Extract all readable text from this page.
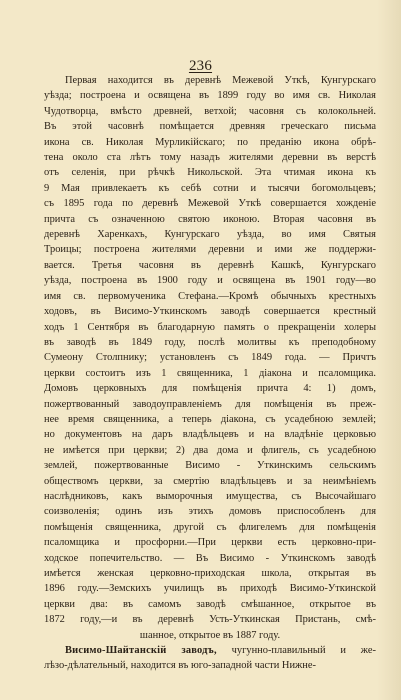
236
Первая находится въ деревнѣ Межевой Уткѣ, Кунгурскаго
уѣзда; построена и освящена въ 1899 году во имя св. Николая
Чудотворца, вмѣсто древней, ветхой; часовня съ колокольней.
Въ этой часовнѣ помѣщается древняя греческаго письма
икона св. Николая Мурликійскаго; по преданію икона обрѣ-
тена около ста лѣтъ тому назадъ жителями деревни въ верстѣ
отъ селенія, при рѣчкѣ Никольской. Эта чтимая икона къ
9 Мая привлекаетъ къ себѣ сотни и тысячи богомольцевъ;
съ 1895 года по деревнѣ Межевой Уткѣ совершается хожденіе
причта съ означенною святою иконою. Вторая часовня въ
деревнѣ Харенкахъ, Кунгурскаго уѣзда, во имя Святыя
Троицы; построена жителями деревни и ими же поддержи-
вается. Третья часовня въ деревнѣ Кашкѣ, Кунгурскаго
уѣзда, построена въ 1900 году и освящена въ 1901 году—во
имя св. первомученика Стефана.—Кромѣ обычныхъ крестныхъ
ходовъ, въ Висимо-Уткинскомъ заводѣ совершается крестный
ходъ 1 Сентября въ благодарную память о прекращеніи холеры
въ заводѣ въ 1849 году, послѣ молитвы къ преподобному
Сумеону Столпнику; установленъ съ 1849 года. — Причтъ
церкви состоитъ изъ 1 священника, 1 діакона и псаломщика.
Домовъ церковныхъ для помѣщенія причта 4: 1) домъ,
пожертвованный заводоуправленіемъ для помѣщенія въ преж-
нее время священника, а теперь діакона, съ усадебною землей;
но документовъ на даръ владѣльцевъ и на владѣніе церковью
не имѣется при церкви; 2) два дома и флигель, съ усадебною
землей, пожертвованные Висимо - Уткинскимъ сельскимъ
обществомъ церкви, за смертію владѣльцевъ и за неимѣніемъ
наслѣдниковъ, какъ выморочныя имущества, съ Высочайшаго
соизволенія; одинъ изъ этихъ домовъ приспособленъ для
помѣщенія священника, другой съ флигелемъ для помѣщенія
псаломщика и просфорни.—При церкви есть церковно-при-
ходское попечительство. — Въ Висимо - Уткинскомъ заводѣ
имѣется женская церковно-приходская школа, открытая въ
1896 году.—Земскихъ училищъ въ приходѣ Висимо-Уткинской
церкви два: въ самомъ заводѣ смѣшанное, открытое въ
1872 году,—и въ деревнѣ Усть-Уткинская Пристань, смѣ-
шанное, открытое въ 1887 году.
Висимо-Шайтанскій заводъ, чугунно-плавильный и же-
лѣзо-дѣлательный, находится въ юго-западной части Нижне-
